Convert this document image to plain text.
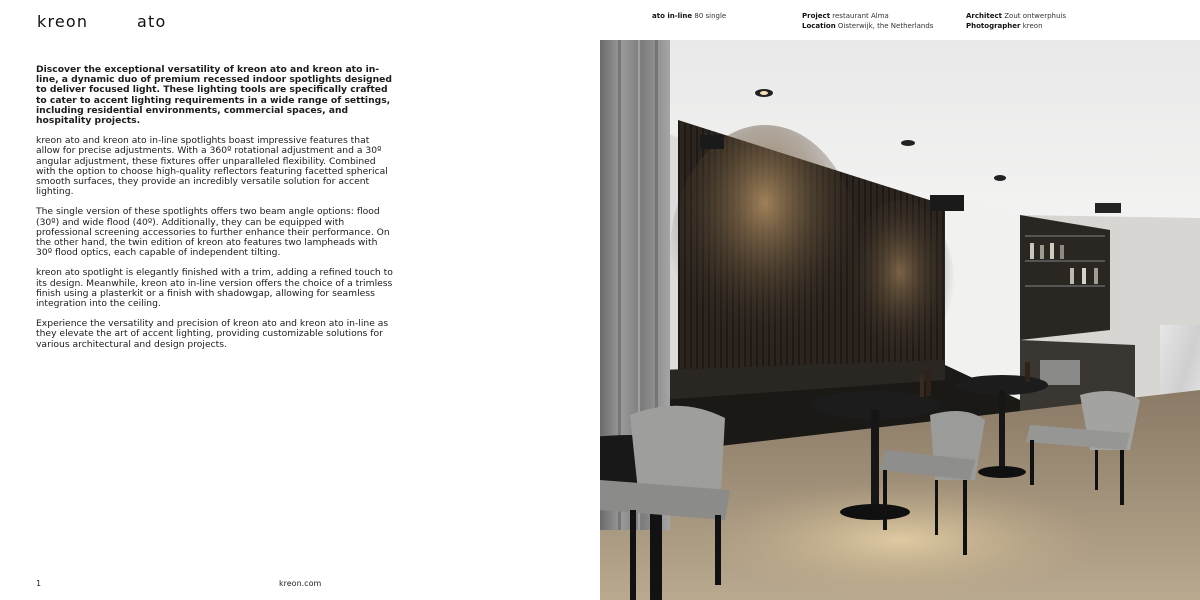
kreon	ato

Discover the exceptional versatility of kreon ato and kreon ato in-line, a dynamic duo of premium recessed indoor spotlights designed to deliver focused light. These lighting tools are specifically crafted to cater to accent lighting requirements in a wide range of settings, including residential environments, commercial spaces, and hospitality projects.

kreon ato and kreon ato in-line spotlights boast impressive features that allow for precise adjustments. With a 360º rotational adjustment and a 30º angular adjustment, these fixtures offer unparalleled flexibility. Combined with the option to choose high-quality reflectors featuring facetted spherical smooth surfaces, they provide an incredibly versatile solution for accent lighting.

The single version of these spotlights offers two beam angle options: flood (30º) and wide flood (40º). Additionally, they can be equipped with professional screening accessories to further enhance their performance. On the other hand, the twin edition of kreon ato features two lampheads with 30º flood optics, each capable of independent tilting.

kreon ato spotlight is elegantly finished with a trim, adding a refined touch to its design. Meanwhile, kreon ato in-line version offers the choice of a trimless finish using a plasterkit or a finish with shadowgap, allowing for seamless integration into the ceiling.

Experience the versatility and precision of kreon ato and kreon ato in-line as they elevate the art of accent lighting, providing customizable solutions for various architectural and design projects.

1	kreon.com
ato in-line 80 single	Project restaurant Alma
Location Oisterwijk, the Netherlands
Architect Zout ontwerphuis
Photographer kreon
